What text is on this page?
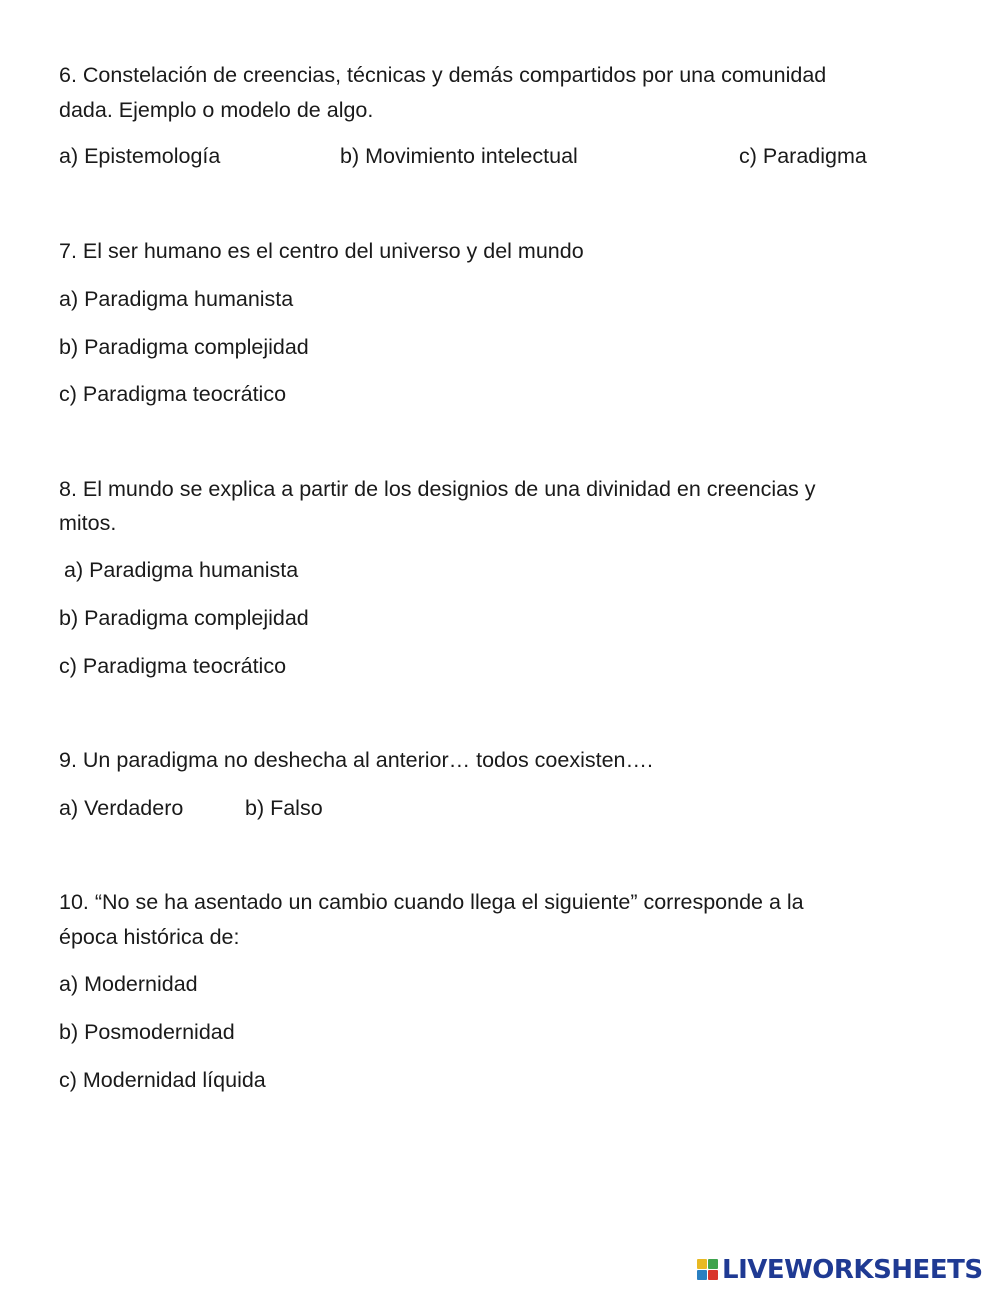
6. Constelación de creencias, técnicas y demás compartidos por una comunidad
dada. Ejemplo o modelo de algo.
a) Epistemología	b) Movimiento intelectual	c) Paradigma
7. El ser humano es el centro del universo y del mundo
a) Paradigma humanista
b) Paradigma complejidad
c) Paradigma teocrático
8. El mundo se explica a partir de los designios de una divinidad en creencias y
mitos.
a) Paradigma humanista
b) Paradigma complejidad
c) Paradigma teocrático
9. Un paradigma no deshecha al anterior… todos coexisten….
a) Verdadero	b) Falso
10. “No se ha asentado un cambio cuando llega el siguiente” corresponde a la
época histórica de:
a) Modernidad
b) Posmodernidad
c) Modernidad líquida
LIVEWORKSHEETS
